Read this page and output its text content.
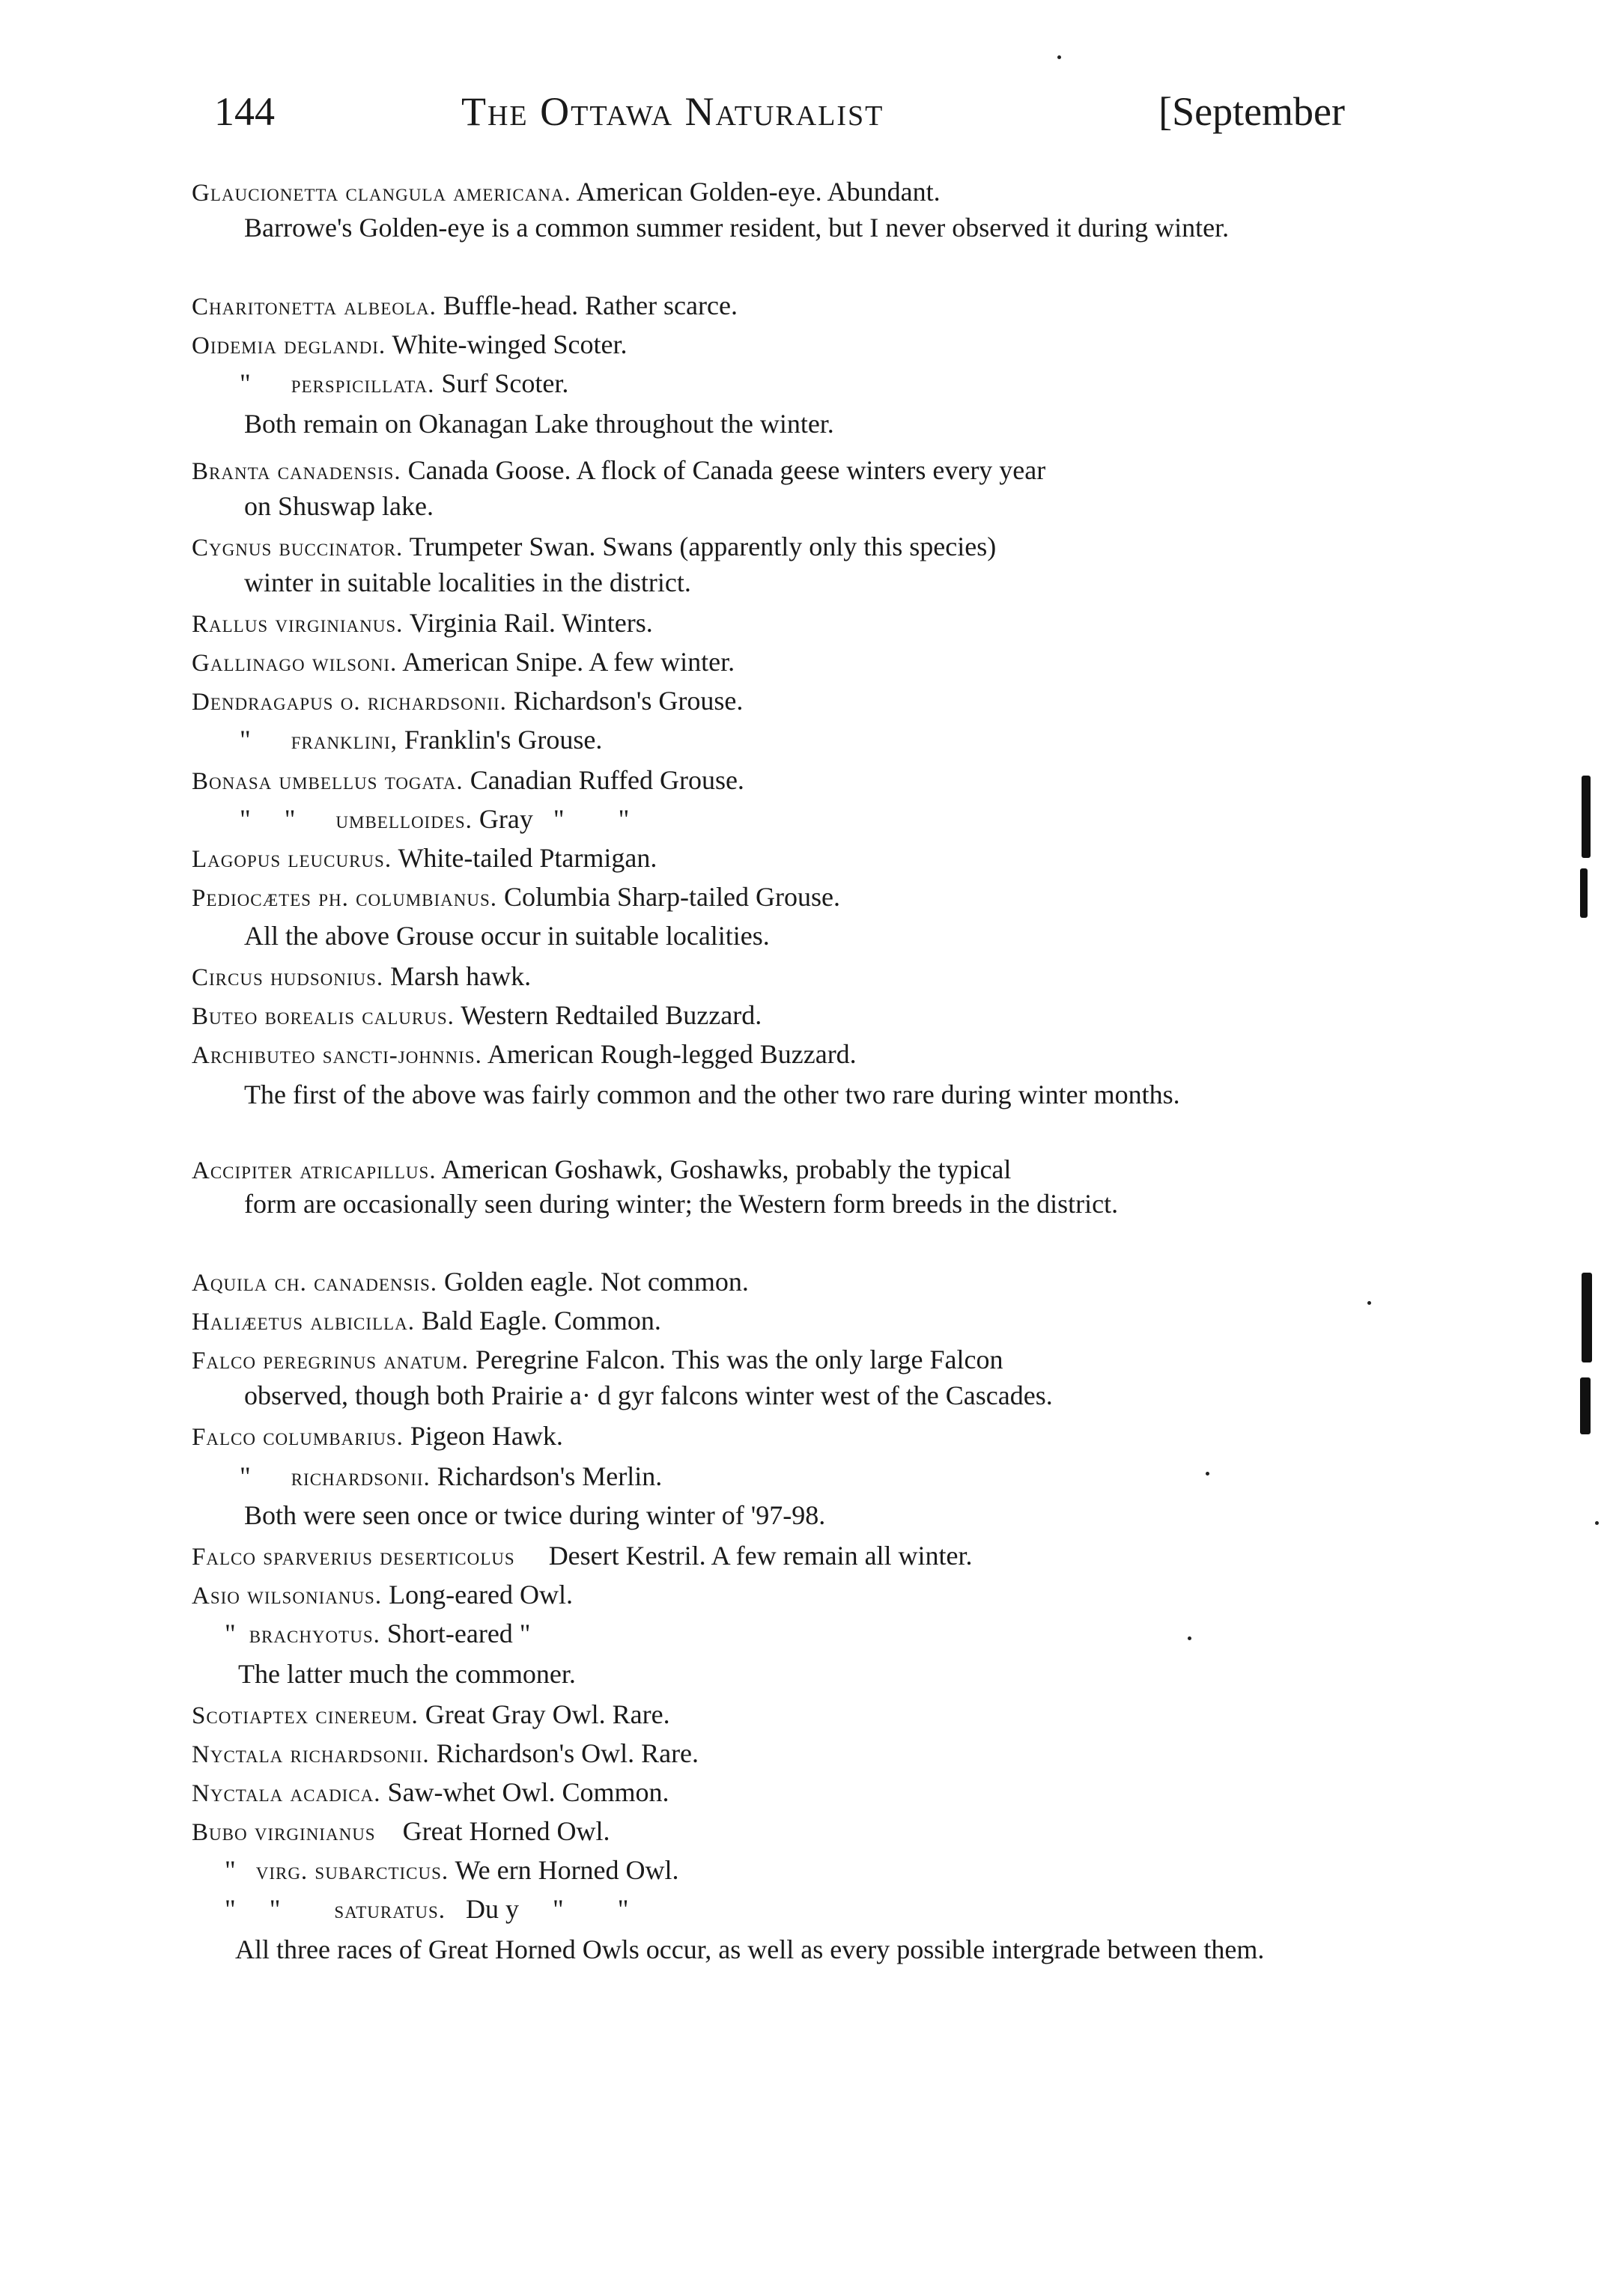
144	The Ottawa Naturalist	[September
Glaucionetta clangula americana. American Golden-eye. Abundant.
Barrowe's Golden-eye is a common summer resident, but I never observed it during winter.
Charitonetta albeola. Buffle-head. Rather scarce.
Oidemia deglandi. White-winged Scoter.
" perspicillata. Surf Scoter.
Both remain on Okanagan Lake throughout the winter.
Branta canadensis. Canada Goose. A flock of Canada geese winters every year
on Shuswap lake.
Cygnus buccinator. Trumpeter Swan. Swans (apparently only this species)
winter in suitable localities in the district.
Rallus virginianus. Virginia Rail. Winters.
Gallinago wilsoni. American Snipe. A few winter.
Dendragapus o. richardsonii. Richardson's Grouse.
" franklini, Franklin's Grouse.
Bonasa umbellus togata. Canadian Ruffed Grouse.
"     " umbelloides. Gray   "        "
Lagopus leucurus. White-tailed Ptarmigan.
Pediocætes ph. columbianus. Columbia Sharp-tailed Grouse.
All the above Grouse occur in suitable localities.
Circus hudsonius. Marsh hawk.
Buteo borealis calurus. Western Redtailed Buzzard.
Archibuteo sancti-johnnis. American Rough-legged Buzzard.
The first of the above was fairly common and the other two rare during winter months.
Accipiter atricapillus. American Goshawk, Goshawks, probably the typical
form are occasionally seen during winter; the Western form breeds in the district.
Aquila ch. canadensis. Golden eagle. Not common.
Haliæetus albicilla. Bald Eagle. Common.
Falco peregrinus anatum. Peregrine Falcon. This was the only large Falcon
observed, though both Prairie a· d gyr falcons winter west of the Cascades.
Falco columbarius. Pigeon Hawk.
" richardsonii. Richardson's Merlin.
Both were seen once or twice during winter of '97-98.
Falco sparverius deserticolus Desert Kestril. A few remain all winter.
Asio wilsonianus. Long-eared Owl.
" brachyotus. Short-eared "
The latter much the commoner.
Scotiaptex cinereum. Great Gray Owl. Rare.
Nyctala richardsonii. Richardson's Owl. Rare.
Nyctala acadica. Saw-whet Owl. Common.
Bubo virginianus Great Horned Owl.
" virg. subarcticus. We ern Horned Owl.
"     " saturatus. Du y     "        "
All three races of Great Horned Owls occur, as well as every possible intergrade between them.
